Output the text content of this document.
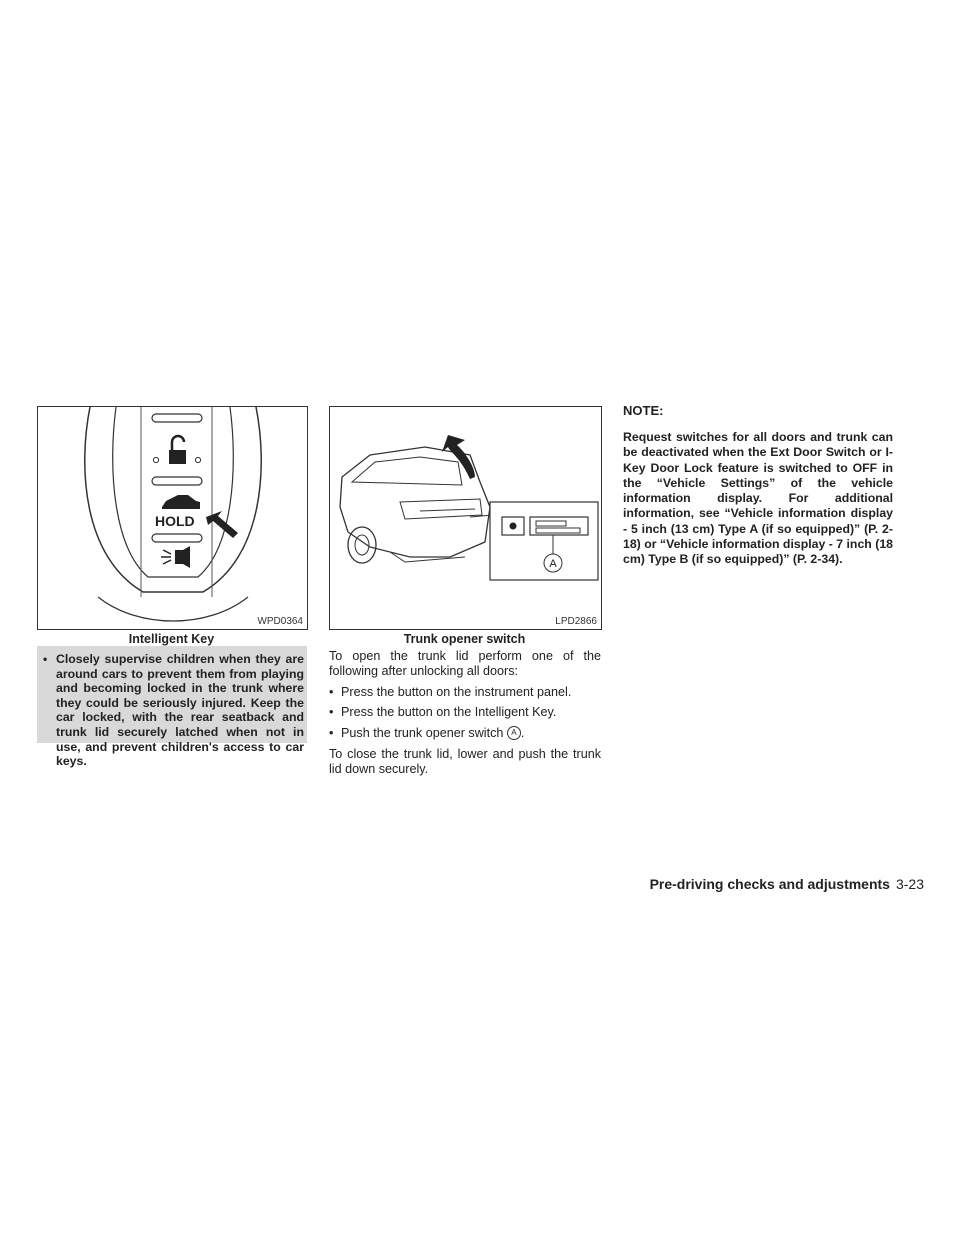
HOLD
WPD0364
Intelligent Key
• Closely supervise children when they are around cars to prevent them from playing and becoming locked in the trunk where they could be seriously injured. Keep the car locked, with the rear seatback and trunk lid securely latched when not in use, and prevent children's access to car keys.

A
LPD2866
Trunk opener switch

To open the trunk lid perform one of the following after unlocking all doors:

• Press the button on the instrument panel.
• Press the button on the Intelligent Key.
• Push the trunk opener switch A .

To close the trunk lid, lower and push the trunk lid down securely.

NOTE:

Request switches for all doors and trunk can be deactivated when the Ext Door Switch or I-Key Door Lock feature is switched to OFF in the “Vehicle Settings” of the vehicle information display. For additional information, see “Vehicle information display - 5 inch (13 cm) Type A (if so equipped)” (P. 2-18) or “Vehicle information display - 7 inch (18 cm) Type B (if so equipped)” (P. 2-34).

Pre-driving checks and adjustments 3-23
